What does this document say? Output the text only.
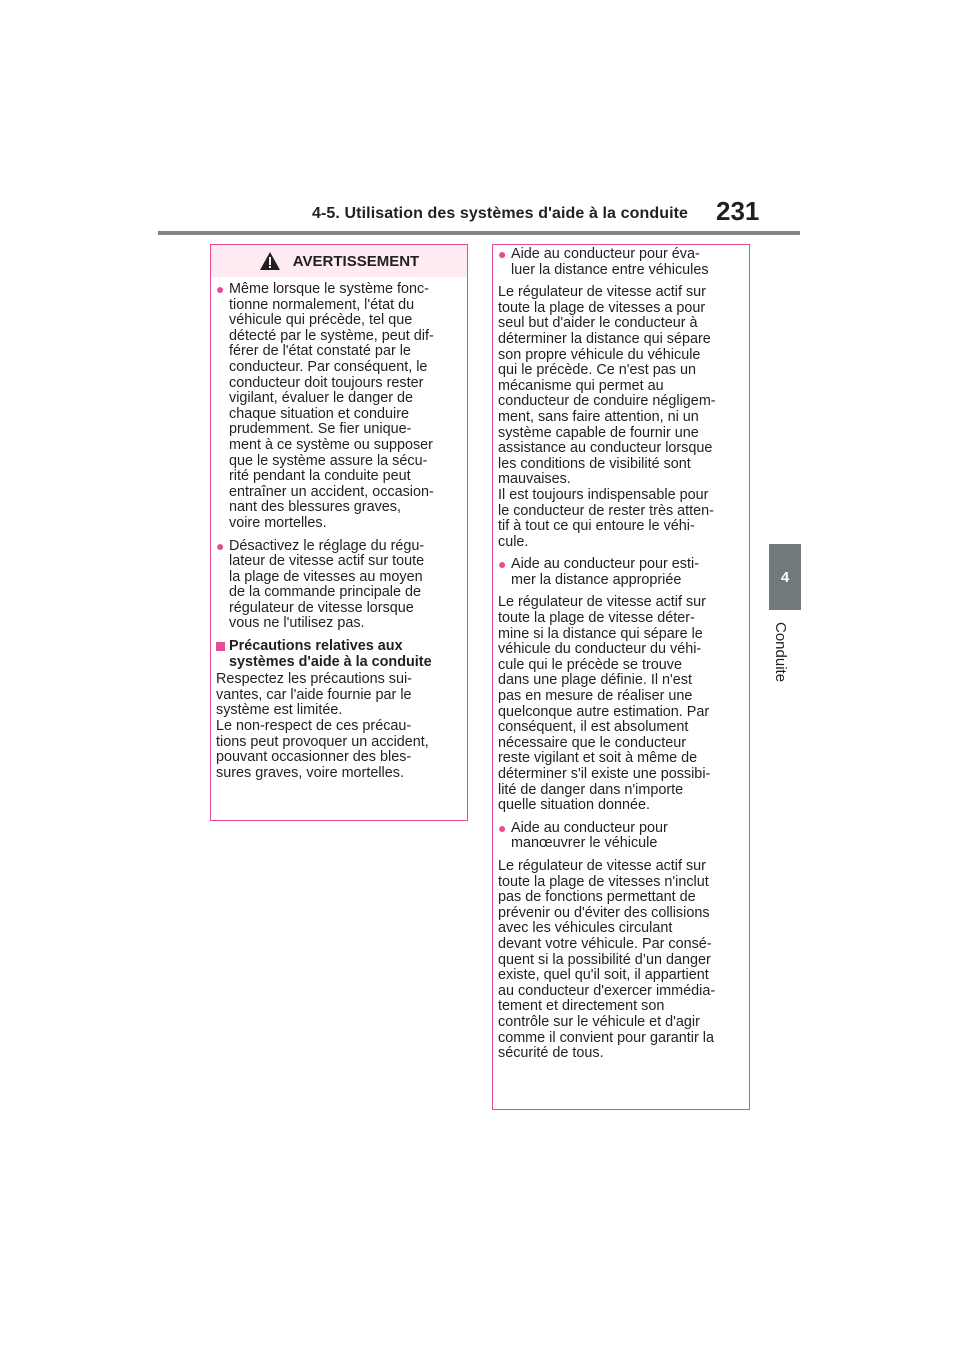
4-5. Utilisation des systèmes d'aide à la conduite 231
4
Conduite
AVERTISSEMENT
● Même lorsque le système fonc-
tionne normalement, l'état du
véhicule qui précède, tel que
détecté par le système, peut dif-
férer de l'état constaté par le
conducteur. Par conséquent, le
conducteur doit toujours rester
vigilant, évaluer le danger de
chaque situation et conduire
prudemment. Se fier unique-
ment à ce système ou supposer
que le système assure la sécu-
rité pendant la conduite peut
entraîner un accident, occasion-
nant des blessures graves,
voire mortelles.
● Désactivez le réglage du régu-
lateur de vitesse actif sur toute
la plage de vitesses au moyen
de la commande principale de
régulateur de vitesse lorsque
vous ne l'utilisez pas.
Précautions relatives aux
systèmes d'aide à la conduite

Respectez les précautions sui-
vantes, car l'aide fournie par le
système est limitée.
Le non-respect de ces précau-
tions peut provoquer un accident,
pouvant occasionner des bles-
sures graves, voire mortelles.

● Aide au conducteur pour éva-
luer la distance entre véhicules

Le régulateur de vitesse actif sur
toute la plage de vitesses a pour
seul but d'aider le conducteur à
déterminer la distance qui sépare
son propre véhicule du véhicule
qui le précède. Ce n'est pas un
mécanisme qui permet au
conducteur de conduire négligem-
ment, sans faire attention, ni un
système capable de fournir une
assistance au conducteur lorsque
les conditions de visibilité sont
mauvaises.
Il est toujours indispensable pour
le conducteur de rester très atten-
tif à tout ce qui entoure le véhi-
cule.

● Aide au conducteur pour esti-
mer la distance appropriée

Le régulateur de vitesse actif sur
toute la plage de vitesse déter-
mine si la distance qui sépare le
véhicule du conducteur du véhi-
cule qui le précède se trouve
dans une plage définie. Il n'est
pas en mesure de réaliser une
quelconque autre estimation. Par
conséquent, il est absolument
nécessaire que le conducteur
reste vigilant et soit à même de
déterminer s'il existe une possibi-
lité de danger dans n'importe
quelle situation donnée.

● Aide au conducteur pour
manœuvrer le véhicule

Le régulateur de vitesse actif sur
toute la plage de vitesses n'inclut
pas de fonctions permettant de
prévenir ou d'éviter des collisions
avec les véhicules circulant
devant votre véhicule. Par consé-
quent si la possibilité d’un danger
existe, quel qu'il soit, il appartient
au conducteur d'exercer immédia-
tement et directement son
contrôle sur le véhicule et d'agir
comme il convient pour garantir la
sécurité de tous.
